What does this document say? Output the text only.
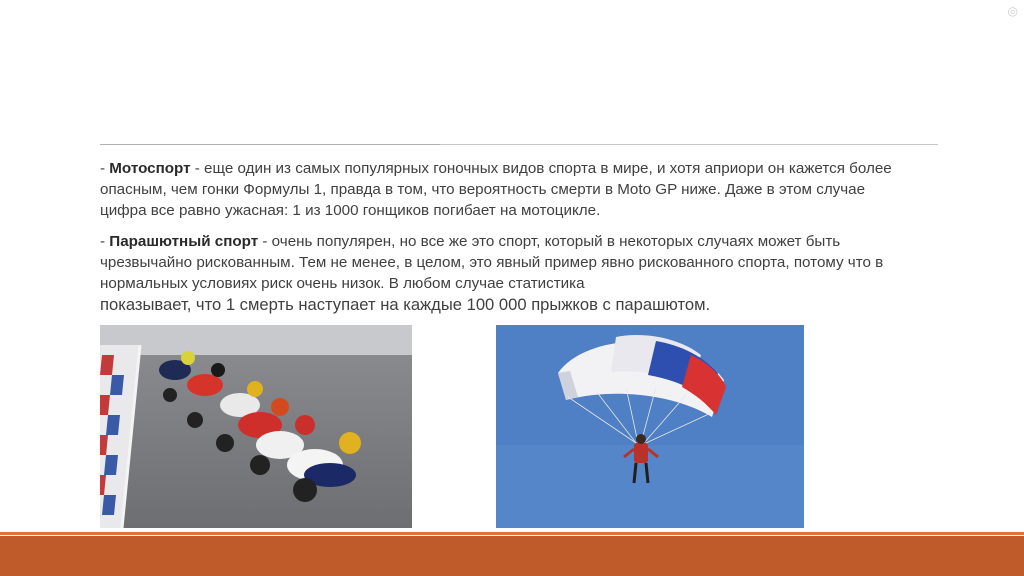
◎

- Мотоспорт - еще один из самых популярных гоночных видов спорта в мире, и хотя априори он кажется более опасным, чем гонки Формулы 1, правда в том, что вероятность смерти в Moto GP ниже. Даже в этом случае цифра все равно ужасная: 1 из 1000 гонщиков погибает на мотоцикле.

- Парашютный спорт - очень популярен, но все же это спорт, который в некоторых случаях может быть чрезвычайно рискованным. Тем не менее, в целом, это явный пример явно рискованного спорта, потому что в нормальных условиях риск очень низок. В любом случае статистика
показывает, что 1 смерть наступает на каждые 100 000 прыжков с парашютом.
